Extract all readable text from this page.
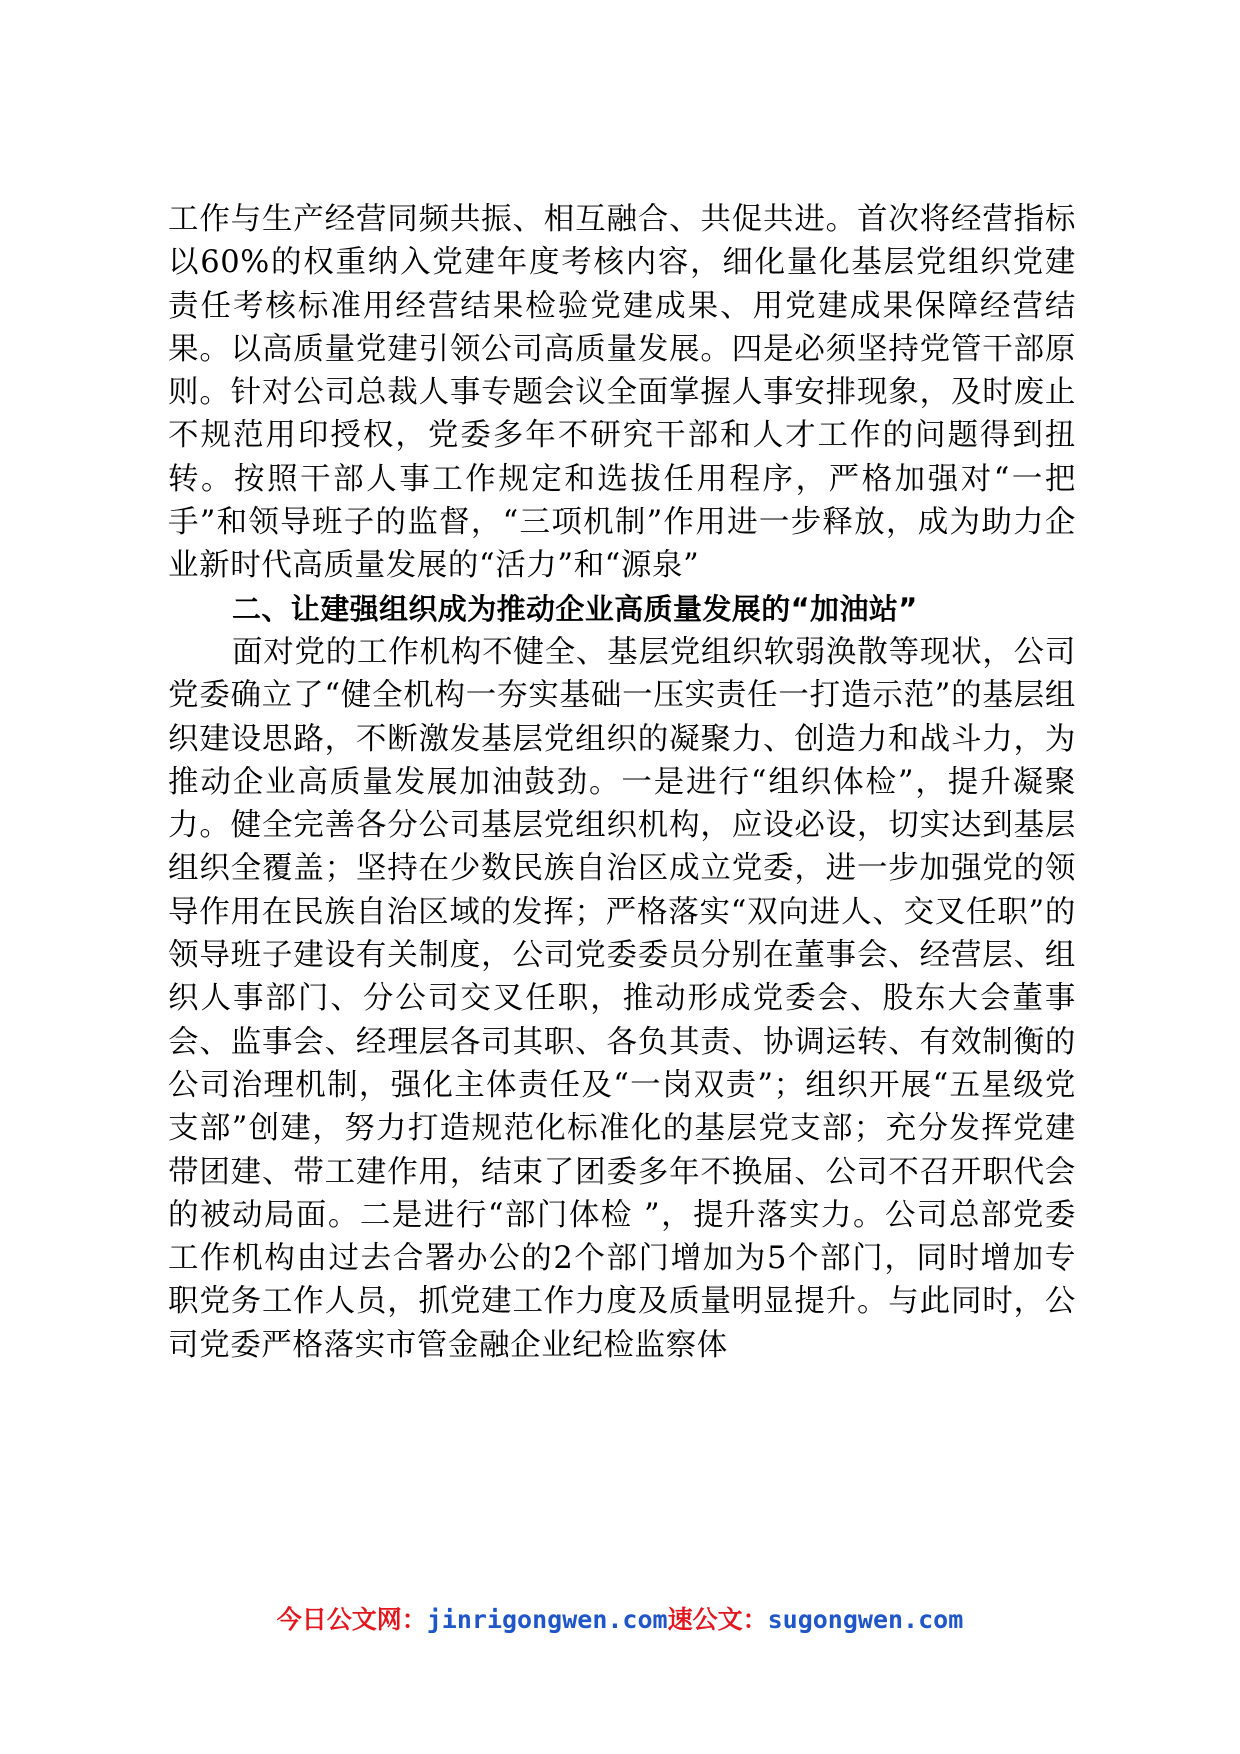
工作与生产经营同频共振、相互融合、共促共进。首次将经营指标以60%的权重纳入党建年度考核内容，细化量化基层党组织党建责任考核标准用经营结果检验党建成果、用党建成果保障经营结果。以高质量党建引领公司高质量发展。四是必须坚持党管干部原则。针对公司总裁人事专题会议全面掌握人事安排现象，及时废止不规范用印授权，党委多年不研究干部和人才工作的问题得到扭转。按照干部人事工作规定和选拔任用程序，严格加强对“一把手”和领导班子的监督，“三项机制”作用进一步释放，成为助力企业新时代高质量发展的“活力”和“源泉”

二、让建强组织成为推动企业高质量发展的“加油站”

面对党的工作机构不健全、基层党组织软弱涣散等现状，公司党委确立了“健全机构一夯实基础一压实责任一打造示范”的基层组织建设思路，不断激发基层党组织的凝聚力、创造力和战斗力，为推动企业高质量发展加油鼓劲。一是进行“组织体检”，提升凝聚力。健全完善各分公司基层党组织机构，应设必设，切实达到基层组织全覆盖；坚持在少数民族自治区成立党委，进一步加强党的领导作用在民族自治区域的发挥；严格落实“双向进人、交叉任职”的领导班子建设有关制度，公司党委委员分别在董事会、经营层、组织人事部门、分公司交叉任职，推动形成党委会、股东大会董事会、监事会、经理层各司其职、各负其责、协调运转、有效制衡的公司治理机制，强化主体责任及“一岗双责”；组织开展“五星级党支部”创建，努力打造规范化标准化的基层党支部；充分发挥党建带团建、带工建作用，结束了团委多年不换届、公司不召开职代会的被动局面。二是进行“部门体检 ”，提升落实力。公司总部党委工作机构由过去合署办公的2个部门增加为5个部门，同时增加专职党务工作人员，抓党建工作力度及质量明显提升。与此同时，公司党委严格落实市管金融企业纪检监察体

今日公文网：jinrigongwen.com速公文：sugongwen.com
